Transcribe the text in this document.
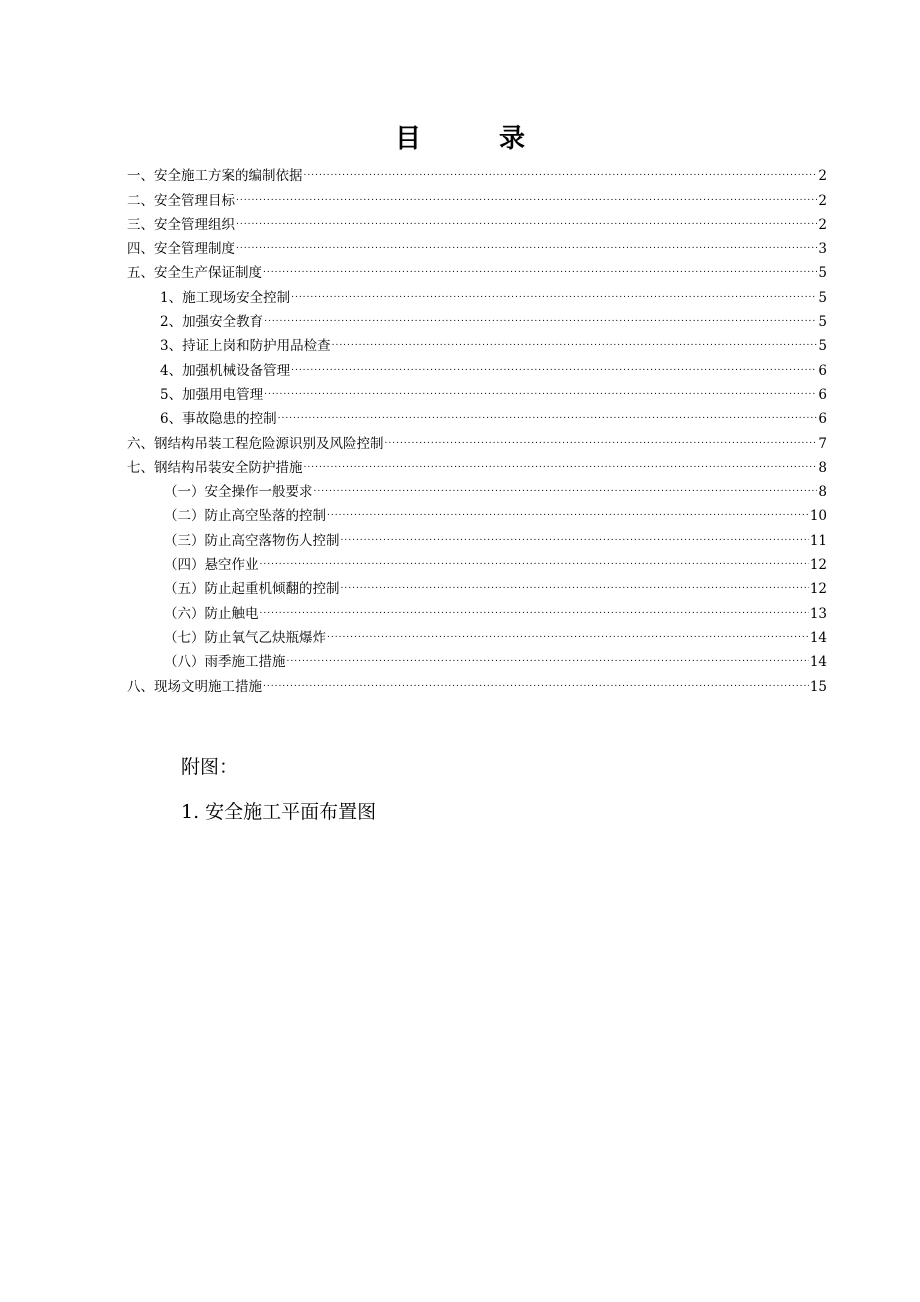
目	录
一、安全施工方案的编制依据 .....	2
二、安全管理目标 .....	2
三、安全管理组织 .....	2
四、安全管理制度 .....	3
五、安全生产保证制度 .....	5
1、施工现场安全控制 .....	5
2、加强安全教育 .....	5
3、持证上岗和防护用品检查 .....	5
4、加强机械设备管理 .....	6
5、加强用电管理 .....	6
6、事故隐患的控制 .....	6
六、钢结构吊装工程危险源识别及风险控制 .....	7
七、钢结构吊装安全防护措施 .....	8
（一）安全操作一般要求 .....	8
（二）防止高空坠落的控制 .....	10
（三）防止高空落物伤人控制 .....	11
（四）悬空作业 .....	12
（五）防止起重机倾翻的控制 .....	12
（六）防止触电 .....	13
（七）防止氧气乙炔瓶爆炸 .....	14
（八）雨季施工措施 .....	14
八、现场文明施工措施 .....	15
附图：
1. 安全施工平面布置图
